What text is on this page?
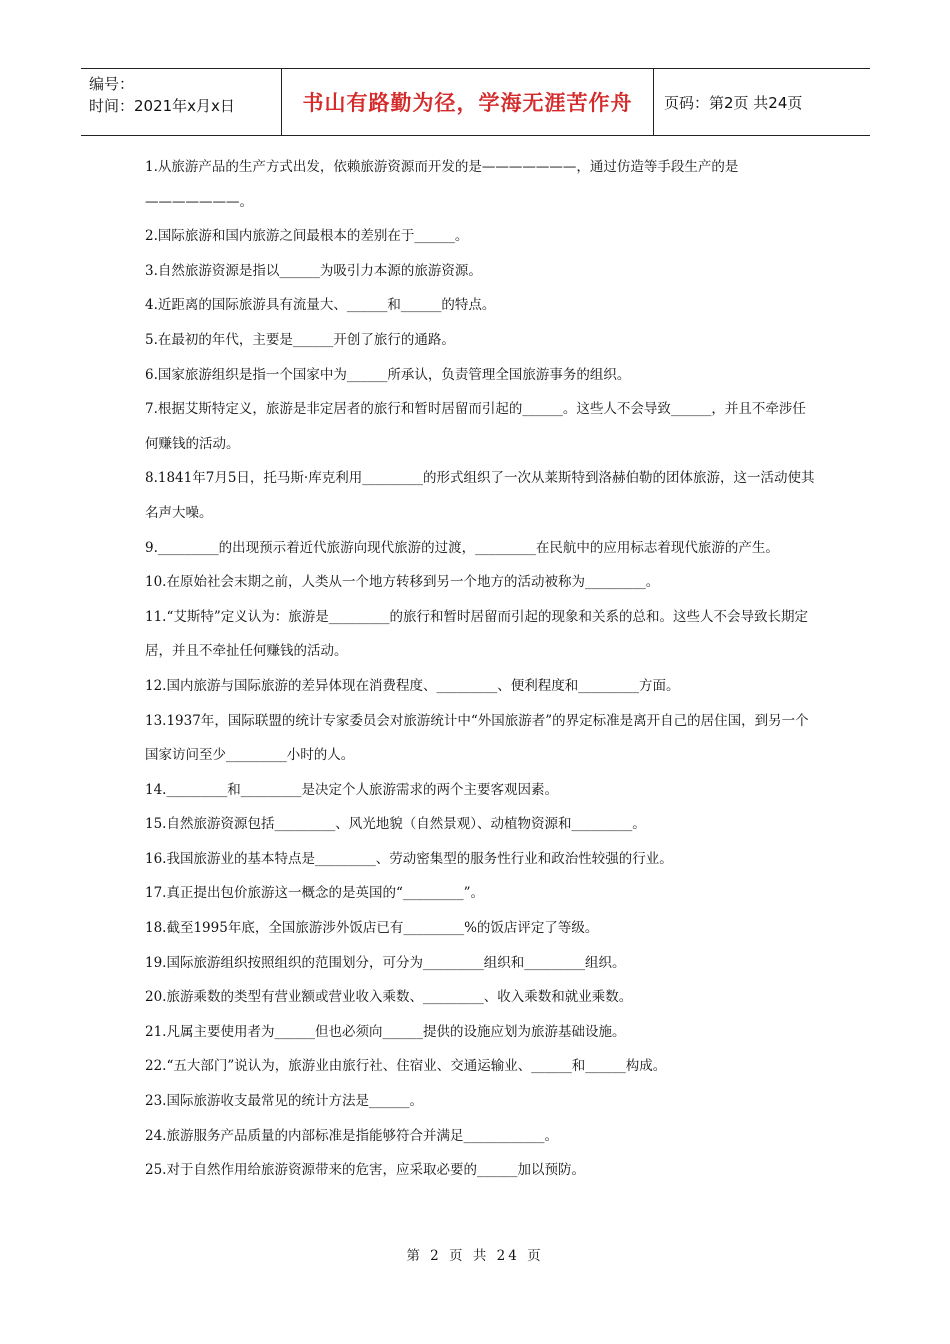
编号：
时间：2021年x月x日	书山有路勤为径，学海无涯苦作舟	页码：第2页 共24页
1.从旅游产品的生产方式出发，依赖旅游资源而开发的是———————，通过仿造等手段生产的是———————。
2.国际旅游和国内旅游之间最根本的差别在于______。
3.自然旅游资源是指以______为吸引力本源的旅游资源。
4.近距离的国际旅游具有流量大、______和______的特点。
5.在最初的年代，主要是______开创了旅行的通路。
6.国家旅游组织是指一个国家中为______所承认，负责管理全国旅游事务的组织。
7.根据艾斯特定义，旅游是非定居者的旅行和暂时居留而引起的______。这些人不会导致______，并且不牵涉任何赚钱的活动。
8.1841年7月5日，托马斯·库克利用_________的形式组织了一次从莱斯特到洛赫伯勒的团体旅游，这一活动使其名声大噪。
9._________的出现预示着近代旅游向现代旅游的过渡，_________在民航中的应用标志着现代旅游的产生。
10.在原始社会末期之前，人类从一个地方转移到另一个地方的活动被称为_________。
11.“艾斯特”定义认为：旅游是_________的旅行和暂时居留而引起的现象和关系的总和。这些人不会导致长期定居，并且不牵扯任何赚钱的活动。
12.国内旅游与国际旅游的差异体现在消费程度、_________、便利程度和_________方面。
13.1937年，国际联盟的统计专家委员会对旅游统计中“外国旅游者”的界定标准是离开自己的居住国，到另一个国家访问至少_________小时的人。
14._________和_________是决定个人旅游需求的两个主要客观因素。
15.自然旅游资源包括_________、风光地貌（自然景观）、动植物资源和_________。
16.我国旅游业的基本特点是_________、劳动密集型的服务性行业和政治性较强的行业。
17.真正提出包价旅游这一概念的是英国的“_________”。
18.截至1995年底，全国旅游涉外饭店已有_________%的饭店评定了等级。
19.国际旅游组织按照组织的范围划分，可分为_________组织和_________组织。
20.旅游乘数的类型有营业额或营业收入乘数、_________、收入乘数和就业乘数。
21.凡属主要使用者为______但也必须向______提供的设施应划为旅游基础设施。
22.“五大部门”说认为，旅游业由旅行社、住宿业、交通运输业、______和______构成。
23.国际旅游收支最常见的统计方法是______。
24.旅游服务产品质量的内部标准是指能够符合并满足____________。
25.对于自然作用给旅游资源带来的危害，应采取必要的______加以预防。
第 2 页 共 24 页
